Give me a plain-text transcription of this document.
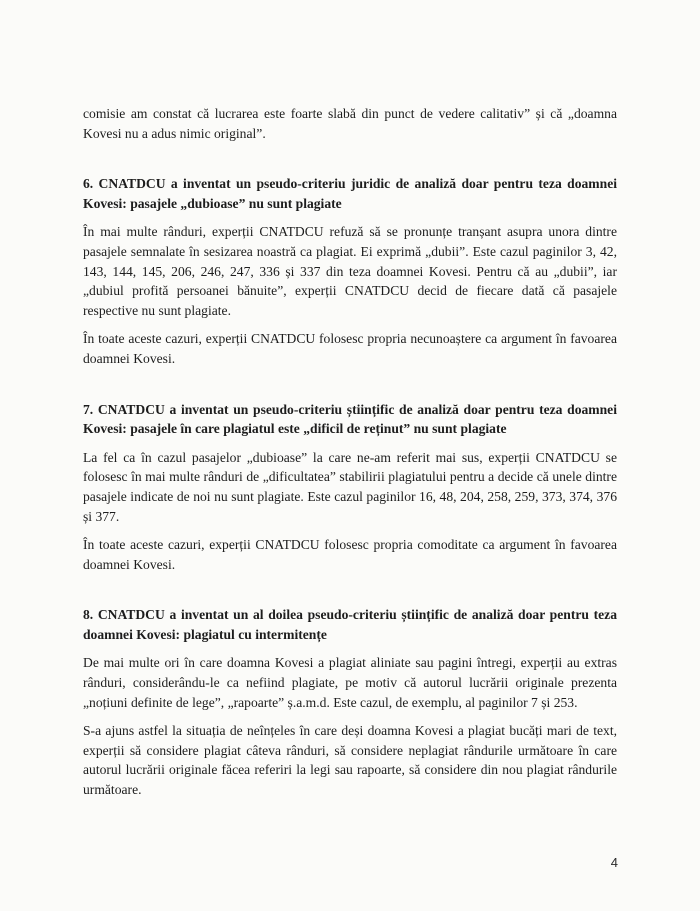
comisie am constat că lucrarea este foarte slabă din punct de vedere calitativ” și că „doamna Kovesi nu a adus nimic original”.

6. CNATDCU a inventat un pseudo-criteriu juridic de analiză doar pentru teza doamnei Kovesi: pasajele „dubioase” nu sunt plagiate

În mai multe rânduri, experții CNATDCU refuză să se pronunțe tranșant asupra unora dintre pasajele semnalate în sesizarea noastră ca plagiat. Ei exprimă „dubii”. Este cazul paginilor 3, 42, 143, 144, 145, 206, 246, 247, 336 și 337 din teza doamnei Kovesi. Pentru că au „dubii”, iar „dubiul profită persoanei bănuite”, experții CNATDCU decid de fiecare dată că pasajele respective nu sunt plagiate.

În toate aceste cazuri, experții CNATDCU folosesc propria necunoaștere ca argument în favoarea doamnei Kovesi.

7. CNATDCU a inventat un pseudo-criteriu științific de analiză doar pentru teza doamnei Kovesi: pasajele în care plagiatul este „dificil de reținut” nu sunt plagiate

La fel ca în cazul pasajelor „dubioase” la care ne-am referit mai sus, experții CNATDCU se folosesc în mai multe rânduri de „dificultatea” stabilirii plagiatului pentru a decide că unele dintre pasajele indicate de noi nu sunt plagiate. Este cazul paginilor 16, 48, 204, 258, 259, 373, 374, 376 și 377.

În toate aceste cazuri, experții CNATDCU folosesc propria comoditate ca argument în favoarea doamnei Kovesi.

8. CNATDCU a inventat un al doilea pseudo-criteriu științific de analiză doar pentru teza doamnei Kovesi: plagiatul cu intermitențe

De mai multe ori în care doamna Kovesi a plagiat aliniate sau pagini întregi, experții au extras rânduri, considerându-le ca nefiind plagiate, pe motiv că autorul lucrării originale prezenta „noțiuni definite de lege”, „rapoarte” ș.a.m.d. Este cazul, de exemplu, al paginilor 7 și 253.

S-a ajuns astfel la situația de neînțeles în care deși doamna Kovesi a plagiat bucăți mari de text, experții să considere plagiat câteva rânduri, să considere neplagiat rândurile următoare în care autorul lucrării originale făcea referiri la legi sau rapoarte, să considere din nou plagiat rândurile următoare.

4
